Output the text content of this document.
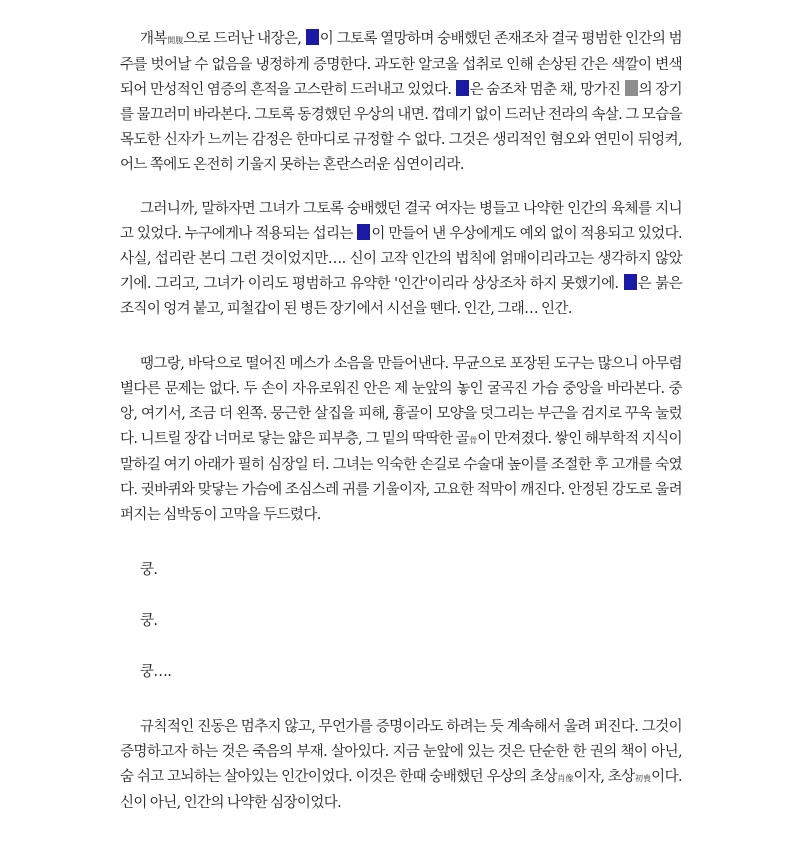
개복開腹으로 드러난 내장은, 이 그토록 열망하며 숭배했던 존재조차 결국 평범한 인간의 범주를 벗어날 수 없음을 냉정하게 증명한다. 과도한 알코올 섭취로 인해 손상된 간은 색깔이 변색되어 만성적인 염증의 흔적을 고스란히 드러내고 있었다. 은 숨조차 멈춘 채, 망가진 의 장기를 물끄러미 바라본다. 그토록 동경했던 우상의 내면. 껍데기 없이 드러난 전라의 속살. 그 모습을 목도한 신자가 느끼는 감정은 한마디로 규정할 수 없다. 그것은 생리적인 혐오와 연민이 뒤엉켜, 어느 쪽에도 온전히 기울지 못하는 혼란스러운 심연이리라.

그러니까, 말하자면 그녀가 그토록 숭배했던 결국 여자는 병들고 나약한 인간의 육체를 지니고 있었다. 누구에게나 적용되는 섭리는 이 만들어 낸 우상에게도 예외 없이 적용되고 있었다. 사실, 섭리란 본디 그런 것이었지만…. 신이 고작 인간의 법칙에 얽매이리라고는 생각하지 않았기에. 그리고, 그녀가 이리도 평범하고 유약한 '인간'이리라 상상조차 하지 못했기에. 은 붉은 조직이 엉겨 붙고, 피철갑이 된 병든 장기에서 시선을 뗀다. 인간, 그래… 인간.

땡그랑, 바닥으로 떨어진 메스가 소음을 만들어낸다. 무균으로 포장된 도구는 많으니 아무렴 별다른 문제는 없다. 두 손이 자유로워진 안은 제 눈앞의 놓인 굴곡진 가슴 중앙을 바라본다. 중앙, 여기서, 조금 더 왼쪽. 뭉근한 살집을 피해, 흉골이 모양을 덧그리는 부근을 검지로 꾸욱 눌렀다. 니트릴 장갑 너머로 닿는 얇은 피부층, 그 밑의 딱딱한 골骨이 만져졌다. 쌓인 해부학적 지식이 말하길 여기 아래가 필히 심장일 터. 그녀는 익숙한 손길로 수술대 높이를 조절한 후 고개를 숙였다. 귓바퀴와 맞닿는 가슴에 조심스레 귀를 기울이자, 고요한 적막이 깨진다. 안정된 강도로 울려 퍼지는 심박동이 고막을 두드렸다.

쿵.

쿵.

쿵….

규칙적인 진동은 멈추지 않고, 무언가를 증명이라도 하려는 듯 계속해서 울려 퍼진다. 그것이 증명하고자 하는 것은 죽음의 부재. 살아있다. 지금 눈앞에 있는 것은 단순한 한 권의 책이 아닌, 숨 쉬고 고뇌하는 살아있는 인간이었다. 이것은 한때 숭배했던 우상의 초상肖像이자, 초상初喪이다. 신이 아닌, 인간의 나약한 심장이었다.
